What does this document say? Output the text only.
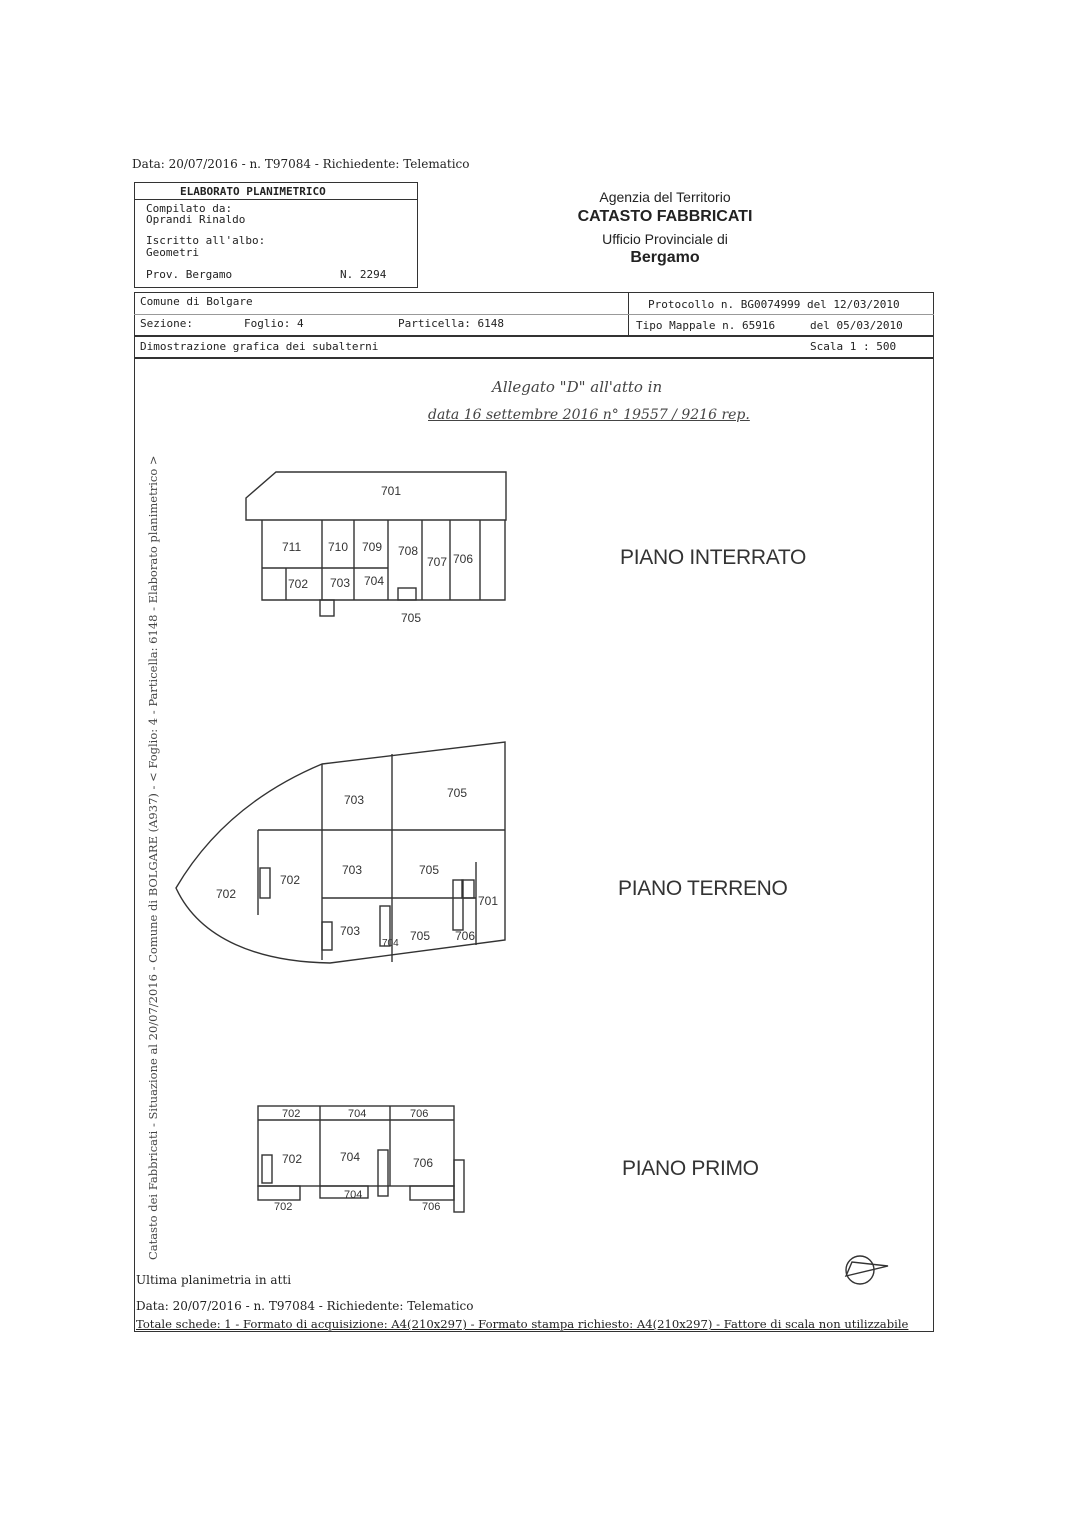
Data: 20/07/2016 - n. T97084 - Richiedente: Telematico
ELABORATO PLANIMETRICO
Compilato da:
Oprandi Rinaldo
Iscritto all'albo:
Geometri
Prov. Bergamo	N. 2294
Agenzia del Territorio
CATASTO FABBRICATI
Ufficio Provinciale di
Bergamo
Comune di Bolgare
Sezione:	Foglio: 4	Particella: 6148
Protocollo n. BG0074999 del 12/03/2010
Tipo Mappale n. 65916	del 05/03/2010
Dimostrazione grafica dei subalterni	Scala 1 : 500
Allegato "D" all'atto in
data 16 settembre 2016 n° 19557 / 9216 rep.
Catasto dei Fabbricati - Situazione al 20/07/2016 - Comune di BOLGARE (A937) - < Foglio: 4 - Particella: 6148 - Elaborato planimetrico >	701
711 710 709 708
707 706
702 703 704
705
703	705
702
703	705
702	701
703
704
705 706
702	704	706
702	704	706
704
702	706
PIANO INTERRATO
PIANO TERRENO
PIANO PRIMO
Ultima planimetria in atti
Data: 20/07/2016 - n. T97084 - Richiedente: Telematico
Totale schede: 1 - Formato di acquisizione: A4(210x297) - Formato stampa richiesto: A4(210x297) - Fattore di scala non utilizzabile
